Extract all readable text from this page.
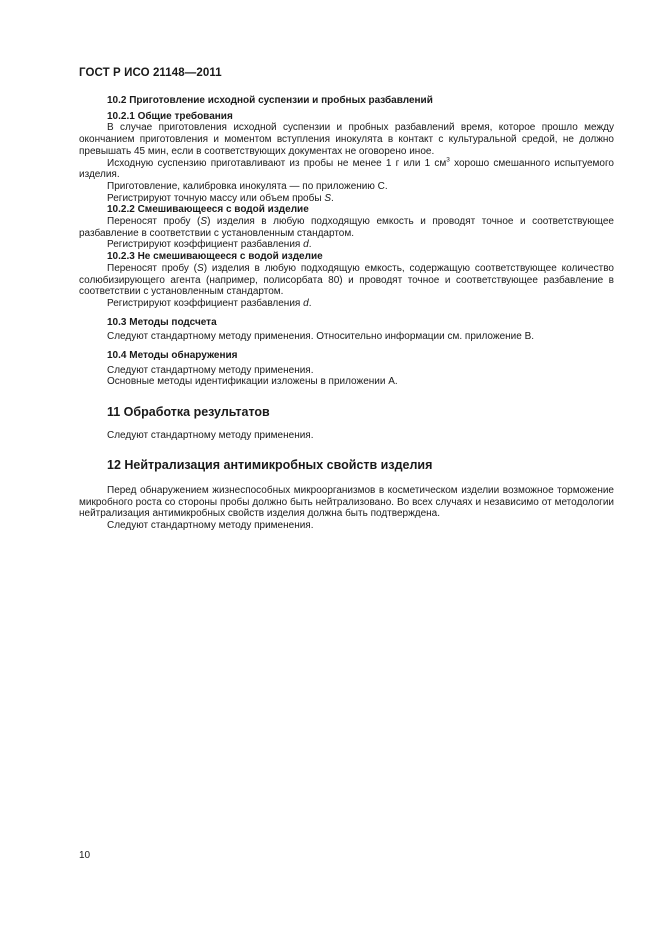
ГОСТ Р ИСО 21148—2011
10.2 Приготовление исходной суспензии и пробных разбавлений
10.2.1 Общие требования

В случае приготовления исходной суспензии и пробных разбавлений время, которое прошло между окончанием приготовления и моментом вступления инокулята в контакт с культуральной средой, не должно превышать 45 мин, если в соответствующих документах не оговорено иное.

Исходную суспензию приготавливают из пробы не менее 1 г или 1 $см^3$ хорошо смешанного испытуемого изделия.

Приготовление, калибровка инокулята — по приложению С.

Регистрируют точную массу или объем пробы S.

10.2.2 Смешивающееся с водой изделие

Переносят пробу (S) изделия в любую подходящую емкость и проводят точное и соответствующее разбавление в соответствии с установленным стандартом.

Регистрируют коэффициент разбавления d.

10.2.3 Не смешивающееся с водой изделие

Переносят пробу (S) изделия в любую подходящую емкость, содержащую соответствующее количество солюбизирующего агента (например, полисорбата 80) и проводят точное и соответствующее разбавление в соответствии с установленным стандартом.

Регистрируют коэффициент разбавления d.

10.3 Методы подсчета

Следуют стандартному методу применения. Относительно информации см. приложение В.

10.4 Методы обнаружения

Следуют стандартному методу применения.

Основные методы идентификации изложены в приложении А.

11 Обработка результатов

Следуют стандартному методу применения.

12 Нейтрализация антимикробных свойств изделия

Перед обнаружением жизнеспособных микроорганизмов в косметическом изделии возможное торможение микробного роста со стороны пробы должно быть нейтрализовано. Во всех случаях и независимо от методологии нейтрализация антимикробных свойств изделия должна быть подтверждена.

Следуют стандартному методу применения.

10
